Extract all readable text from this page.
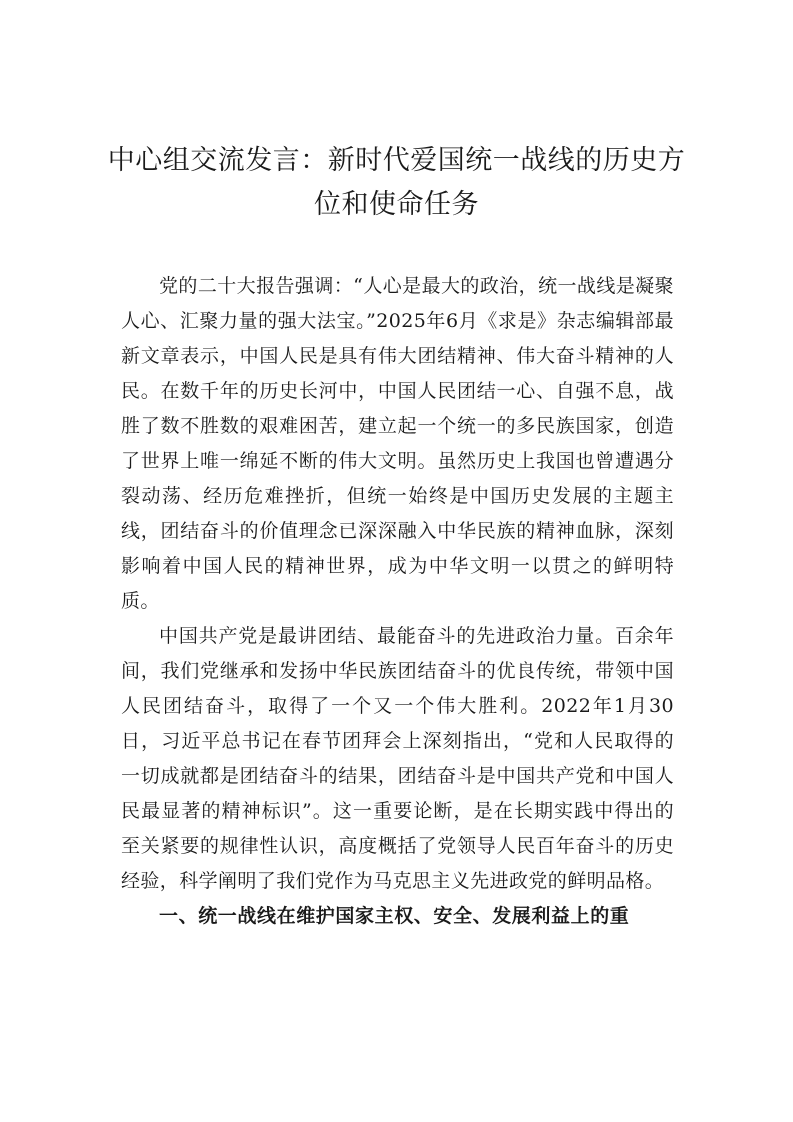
中心组交流发言：新时代爱国统一战线的历史方位和使命任务

党的二十大报告强调：“人心是最大的政治，统一战线是凝聚人心、汇聚力量的强大法宝。”2025年6月《求是》杂志编辑部最新文章表示，中国人民是具有伟大团结精神、伟大奋斗精神的人民。在数千年的历史长河中，中国人民团结一心、自强不息，战胜了数不胜数的艰难困苦，建立起一个统一的多民族国家，创造了世界上唯一绵延不断的伟大文明。虽然历史上我国也曾遭遇分裂动荡、经历危难挫折，但统一始终是中国历史发展的主题主线，团结奋斗的价值理念已深深融入中华民族的精神血脉，深刻影响着中国人民的精神世界，成为中华文明一以贯之的鲜明特质。

中国共产党是最讲团结、最能奋斗的先进政治力量。百余年间，我们党继承和发扬中华民族团结奋斗的优良传统，带领中国人民团结奋斗，取得了一个又一个伟大胜利。2022年1月30日，习近平总书记在春节团拜会上深刻指出，“党和人民取得的一切成就都是团结奋斗的结果，团结奋斗是中国共产党和中国人民最显著的精神标识”。这一重要论断，是在长期实践中得出的至关紧要的规律性认识，高度概括了党领导人民百年奋斗的历史经验，科学阐明了我们党作为马克思主义先进政党的鲜明品格。

一、统一战线在维护国家主权、安全、发展利益上的重
